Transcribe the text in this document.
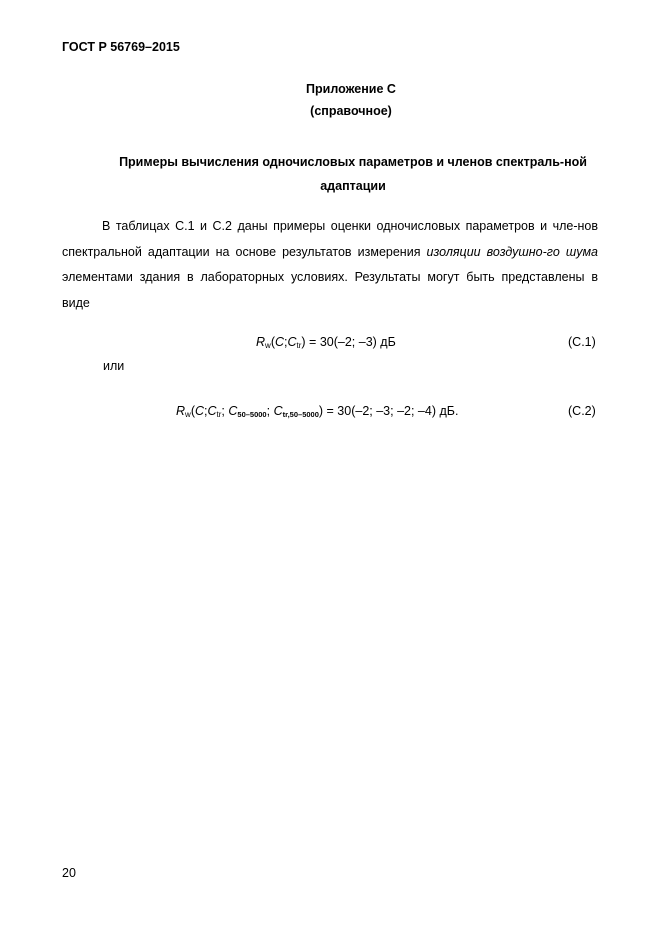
ГОСТ Р 56769–2015
Приложение С
(справочное)
Примеры вычисления одночисловых параметров и членов спектраль-ной адаптации
В таблицах С.1 и С.2 даны примеры оценки одночисловых параметров и чле-нов спектральной адаптации на основе результатов измерения изоляции воздушно-го шума элементами здания в лабораторных условиях. Результаты могут быть представлены в виде
$R_w(C;C_{tr}) = 30(-2$; –3) дБ	(С.1)
или
$R_w(C;C_{tr}$; C50–5000; Ctr,50–5000) = 30(–2; –3; –2; –4) дБ.	(С.2)
20
